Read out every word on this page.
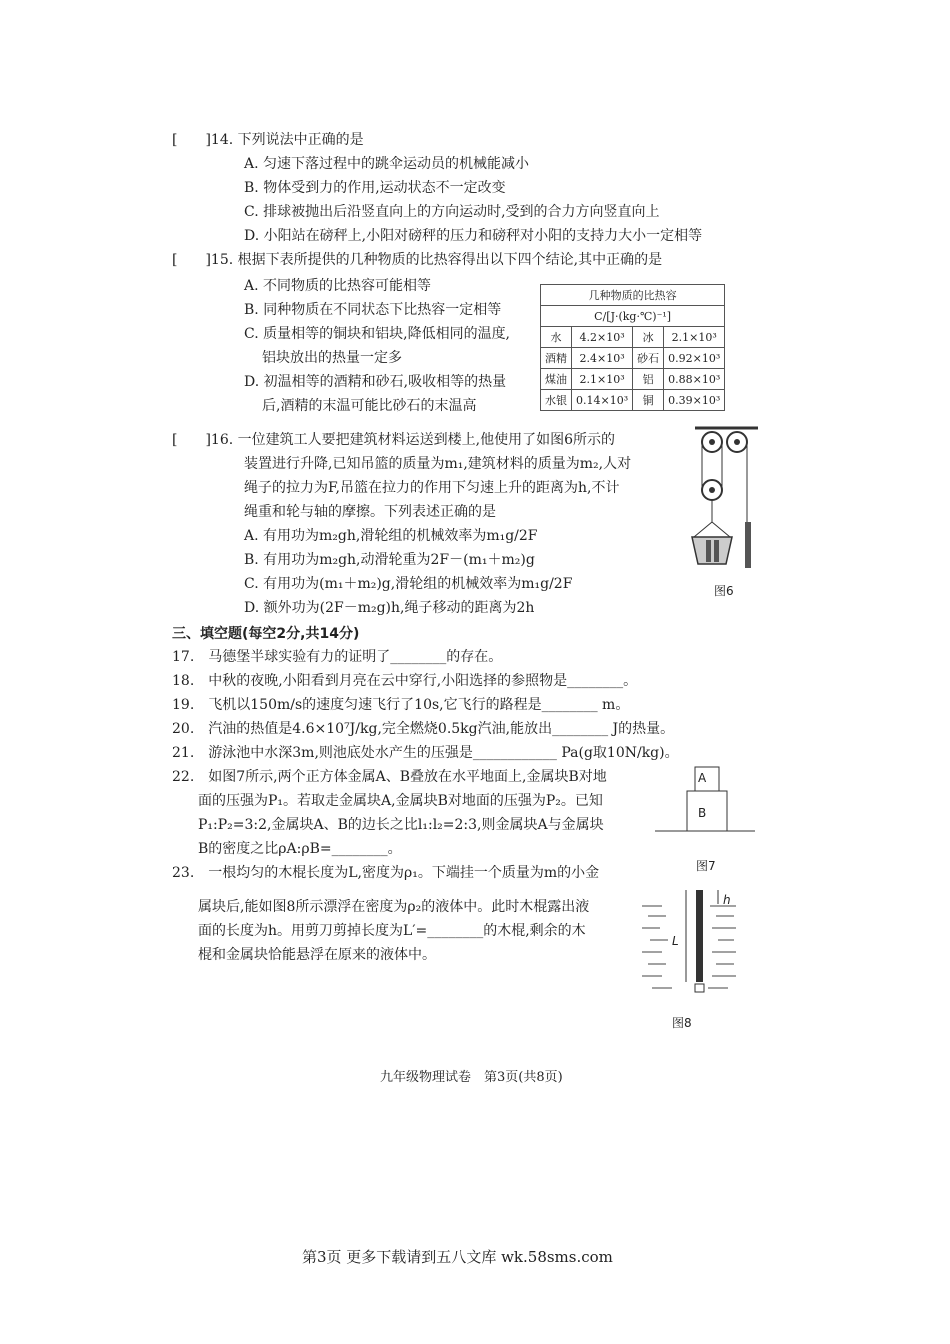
[　　]14. 下列说法中正确的是
A. 匀速下落过程中的跳伞运动员的机械能减小
B. 物体受到力的作用,运动状态不一定改变
C. 排球被抛出后沿竖直向上的方向运动时,受到的合力方向竖直向上
D. 小阳站在磅秤上,小阳对磅秤的压力和磅秤对小阳的支持力大小一定相等
[　　]15. 根据下表所提供的几种物质的比热容得出以下四个结论,其中正确的是
A. 不同物质的比热容可能相等
B. 同种物质在不同状态下比热容一定相等
C. 质量相等的铜块和铝块,降低相同的温度,
铝块放出的热量一定多
D. 初温相等的酒精和砂石,吸收相等的热量
后,酒精的末温可能比砂石的末温高
几种物质的比热容			
C/[J·(kg·℃)⁻¹]			
水	4.2×10³	冰	2.1×10³
酒精	2.4×10³	砂石	0.92×10³
煤油	2.1×10³	铝	0.88×10³
水银	0.14×10³	铜	0.39×10³
[　　]16. 一位建筑工人要把建筑材料运送到楼上,他使用了如图6所示的
装置进行升降,已知吊篮的质量为m₁,建筑材料的质量为m₂,人对
绳子的拉力为F,吊篮在拉力的作用下匀速上升的距离为h,不计
绳重和轮与轴的摩擦。下列表述正确的是
A. 有用功为m₂gh,滑轮组的机械效率为m₁g/2F
B. 有用功为m₂gh,动滑轮重为2F－(m₁＋m₂)g
C. 有用功为(m₁＋m₂)g,滑轮组的机械效率为m₁g/2F
D. 额外功为(2F－m₂g)h,绳子移动的距离为2h
图6
三、填空题(每空2分,共14分)
17.　马德堡半球实验有力的证明了________的存在。
18.　中秋的夜晚,小阳看到月亮在云中穿行,小阳选择的参照物是________。
19.　飞机以150m/s的速度匀速飞行了10s,它飞行的路程是________ m。
20.　汽油的热值是4.6×10⁷J/kg,完全燃烧0.5kg汽油,能放出________ J的热量。
21.　游泳池中水深3m,则池底处水产生的压强是____________ Pa(g取10N/kg)。
22.　如图7所示,两个正方体金属A、B叠放在水平地面上,金属块B对地
面的压强为P₁。若取走金属块A,金属块B对地面的压强为P₂。已知
P₁:P₂=3:2,金属块A、B的边长之比l₁:l₂=2:3,则金属块A与金属块
B的密度之比ρA:ρB=________。
A
B
图7
23.　一根均匀的木棍长度为L,密度为ρ₁。下端挂一个质量为m的小金
属块后,能如图8所示漂浮在密度为ρ₂的液体中。此时木棍露出液
面的长度为h。用剪刀剪掉长度为L′=________的木棍,剩余的木
棍和金属块恰能悬浮在原来的液体中。
h
L
图8
九年级物理试卷　第3页(共8页)
第3页 更多下载请到五八文库 wk.58sms.com
